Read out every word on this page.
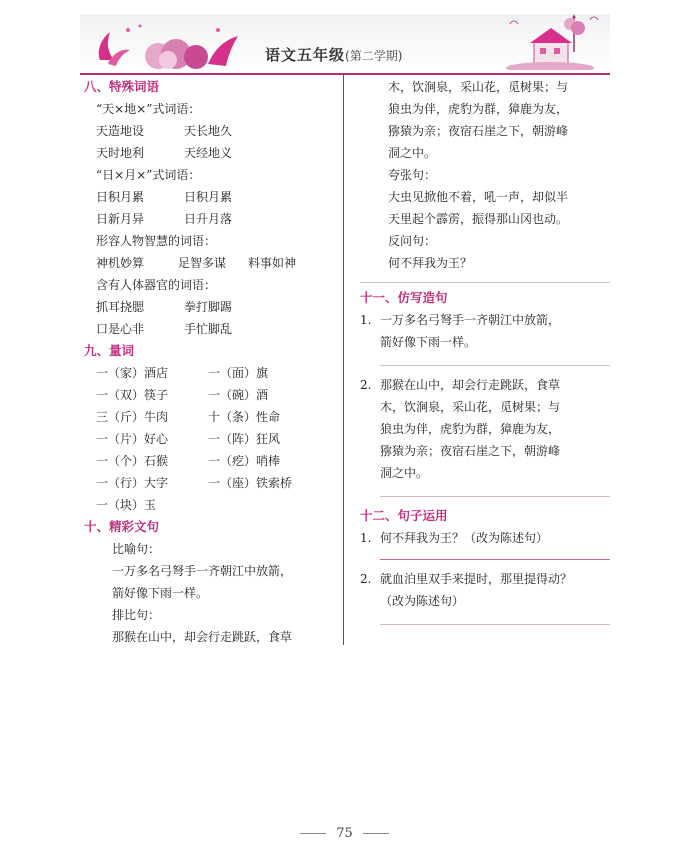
语文五年级(第二学期)
八、特殊词语
“天×地×”式词语：
天造地设	天长地久
天时地利	天经地义
“日×月×”式词语：
日积月累	日积月累
日新月异	日升月落
形容人物智慧的词语：
神机妙算	足智多谋 料事如神
含有人体器官的词语：
抓耳挠腮	拳打脚踢
口是心非	手忙脚乱
九、量词
一（家）酒店	一（面）旗
一（双）筷子	一（碗）酒
三（斤）牛肉	十（条）性命
一（片）好心	一（阵）狂风
一（个）石猴	一（疙）哨棒
一（行）大字	一（座）铁索桥
一（块）玉
十、精彩文句
比喻句：
一万多名弓弩手一齐朝江中放箭，
箭好像下雨一样。
排比句：
那猴在山中，却会行走跳跃，食草
木，饮涧泉，采山花，觅树果；与
狼虫为伴，虎豹为群，獐鹿为友，
猕猿为亲；夜宿石崖之下，朝游峰
洞之中。
夸张句：
大虫见掀他不着，吼一声，却似半
天里起个霹雳，振得那山冈也动。
反问句：
何不拜我为王？
十一、仿写造句
1. 一万多名弓弩手一齐朝江中放箭，
箭好像下雨一样。
2. 那猴在山中，却会行走跳跃，食草
木，饮涧泉，采山花，觅树果；与
狼虫为伴，虎豹为群，獐鹿为友，
猕猿为亲；夜宿石崖之下，朝游峰
洞之中。
十二、句子运用
1. 何不拜我为王？（改为陈述句）
2. 就血泊里双手来提时，那里提得动？
（改为陈述句）
75
